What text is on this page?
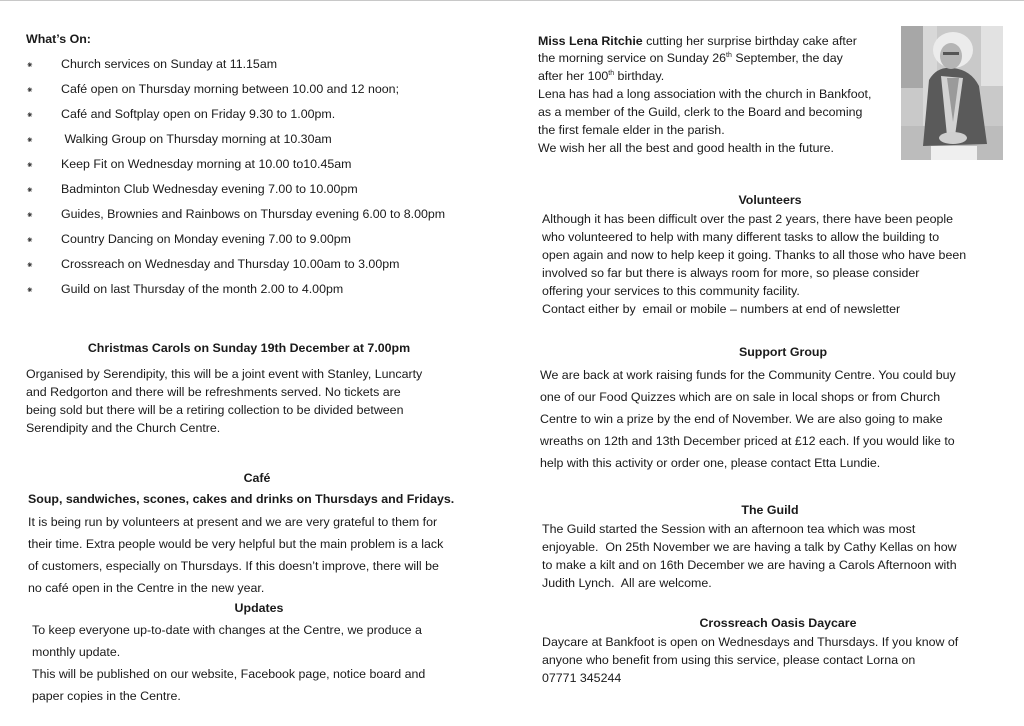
What’s On:
⁕ Church services on Sunday at 11.15am
⁕ Café open on Thursday morning between 10.00 and 12 noon;
⁕ Café and Softplay open on Friday 9.30 to 1.00pm.
⁕ Walking Group on Thursday morning at 10.30am
⁕ Keep Fit on Wednesday morning at 10.00 to10.45am
⁕ Badminton Club Wednesday evening 7.00 to 10.00pm
⁕ Guides, Brownies and Rainbows on Thursday evening 6.00 to 8.00pm
⁕ Country Dancing on Monday evening 7.00 to 9.00pm
⁕ Crossreach on Wednesday and Thursday 10.00am to 3.00pm
⁕ Guild on last Thursday of the month 2.00 to 4.00pm
Christmas Carols on Sunday 19th December at 7.00pm
Organised by Serendipity, this will be a joint event with Stanley, Luncarty
and Redgorton and there will be refreshments served. No tickets are
being sold but there will be a retiring collection to be divided between
Serendipity and the Church Centre.
Café
Soup, sandwiches, scones, cakes and drinks on Thursdays and Fridays.
It is being run by volunteers at present and we are very grateful to them for
their time. Extra people would be very helpful but the main problem is a lack
of customers, especially on Thursdays. If this doesn’t improve, there will be
no café open in the Centre in the new year.
Updates
To keep everyone up-to-date with changes at the Centre, we produce a
monthly update.
This will be published on our website, Facebook page, notice board and
paper copies in the Centre.
Miss Lena Ritchie cutting her surprise birthday cake after
the morning service on Sunday 26th September, the day
after her 100th birthday.
Lena has had a long association with the church in Bankfoot,
as a member of the Guild, clerk to the Board and becoming
the first female elder in the parish.
We wish her all the best and good health in the future.
Volunteers
Although it has been difficult over the past 2 years, there have been people
who volunteered to help with many different tasks to allow the building to
open again and now to help keep it going. Thanks to all those who have been
involved so far but there is always room for more, so please consider
offering your services to this community facility.
Contact either by  email or mobile – numbers at end of newsletter
Support Group
We are back at work raising funds for the Community Centre. You could buy
one of our Food Quizzes which are on sale in local shops or from Church
Centre to win a prize by the end of November. We are also going to make
wreaths on 12th and 13th December priced at £12 each. If you would like to
help with this activity or order one, please contact Etta Lundie.
The Guild
The Guild started the Session with an afternoon tea which was most
enjoyable.  On 25th November we are having a talk by Cathy Kellas on how
to make a kilt and on 16th December we are having a Carols Afternoon with
Judith Lynch.  All are welcome.
Crossreach Oasis Daycare
Daycare at Bankfoot is open on Wednesdays and Thursdays. If you know of
anyone who benefit from using this service, please contact Lorna on
07771 345244
